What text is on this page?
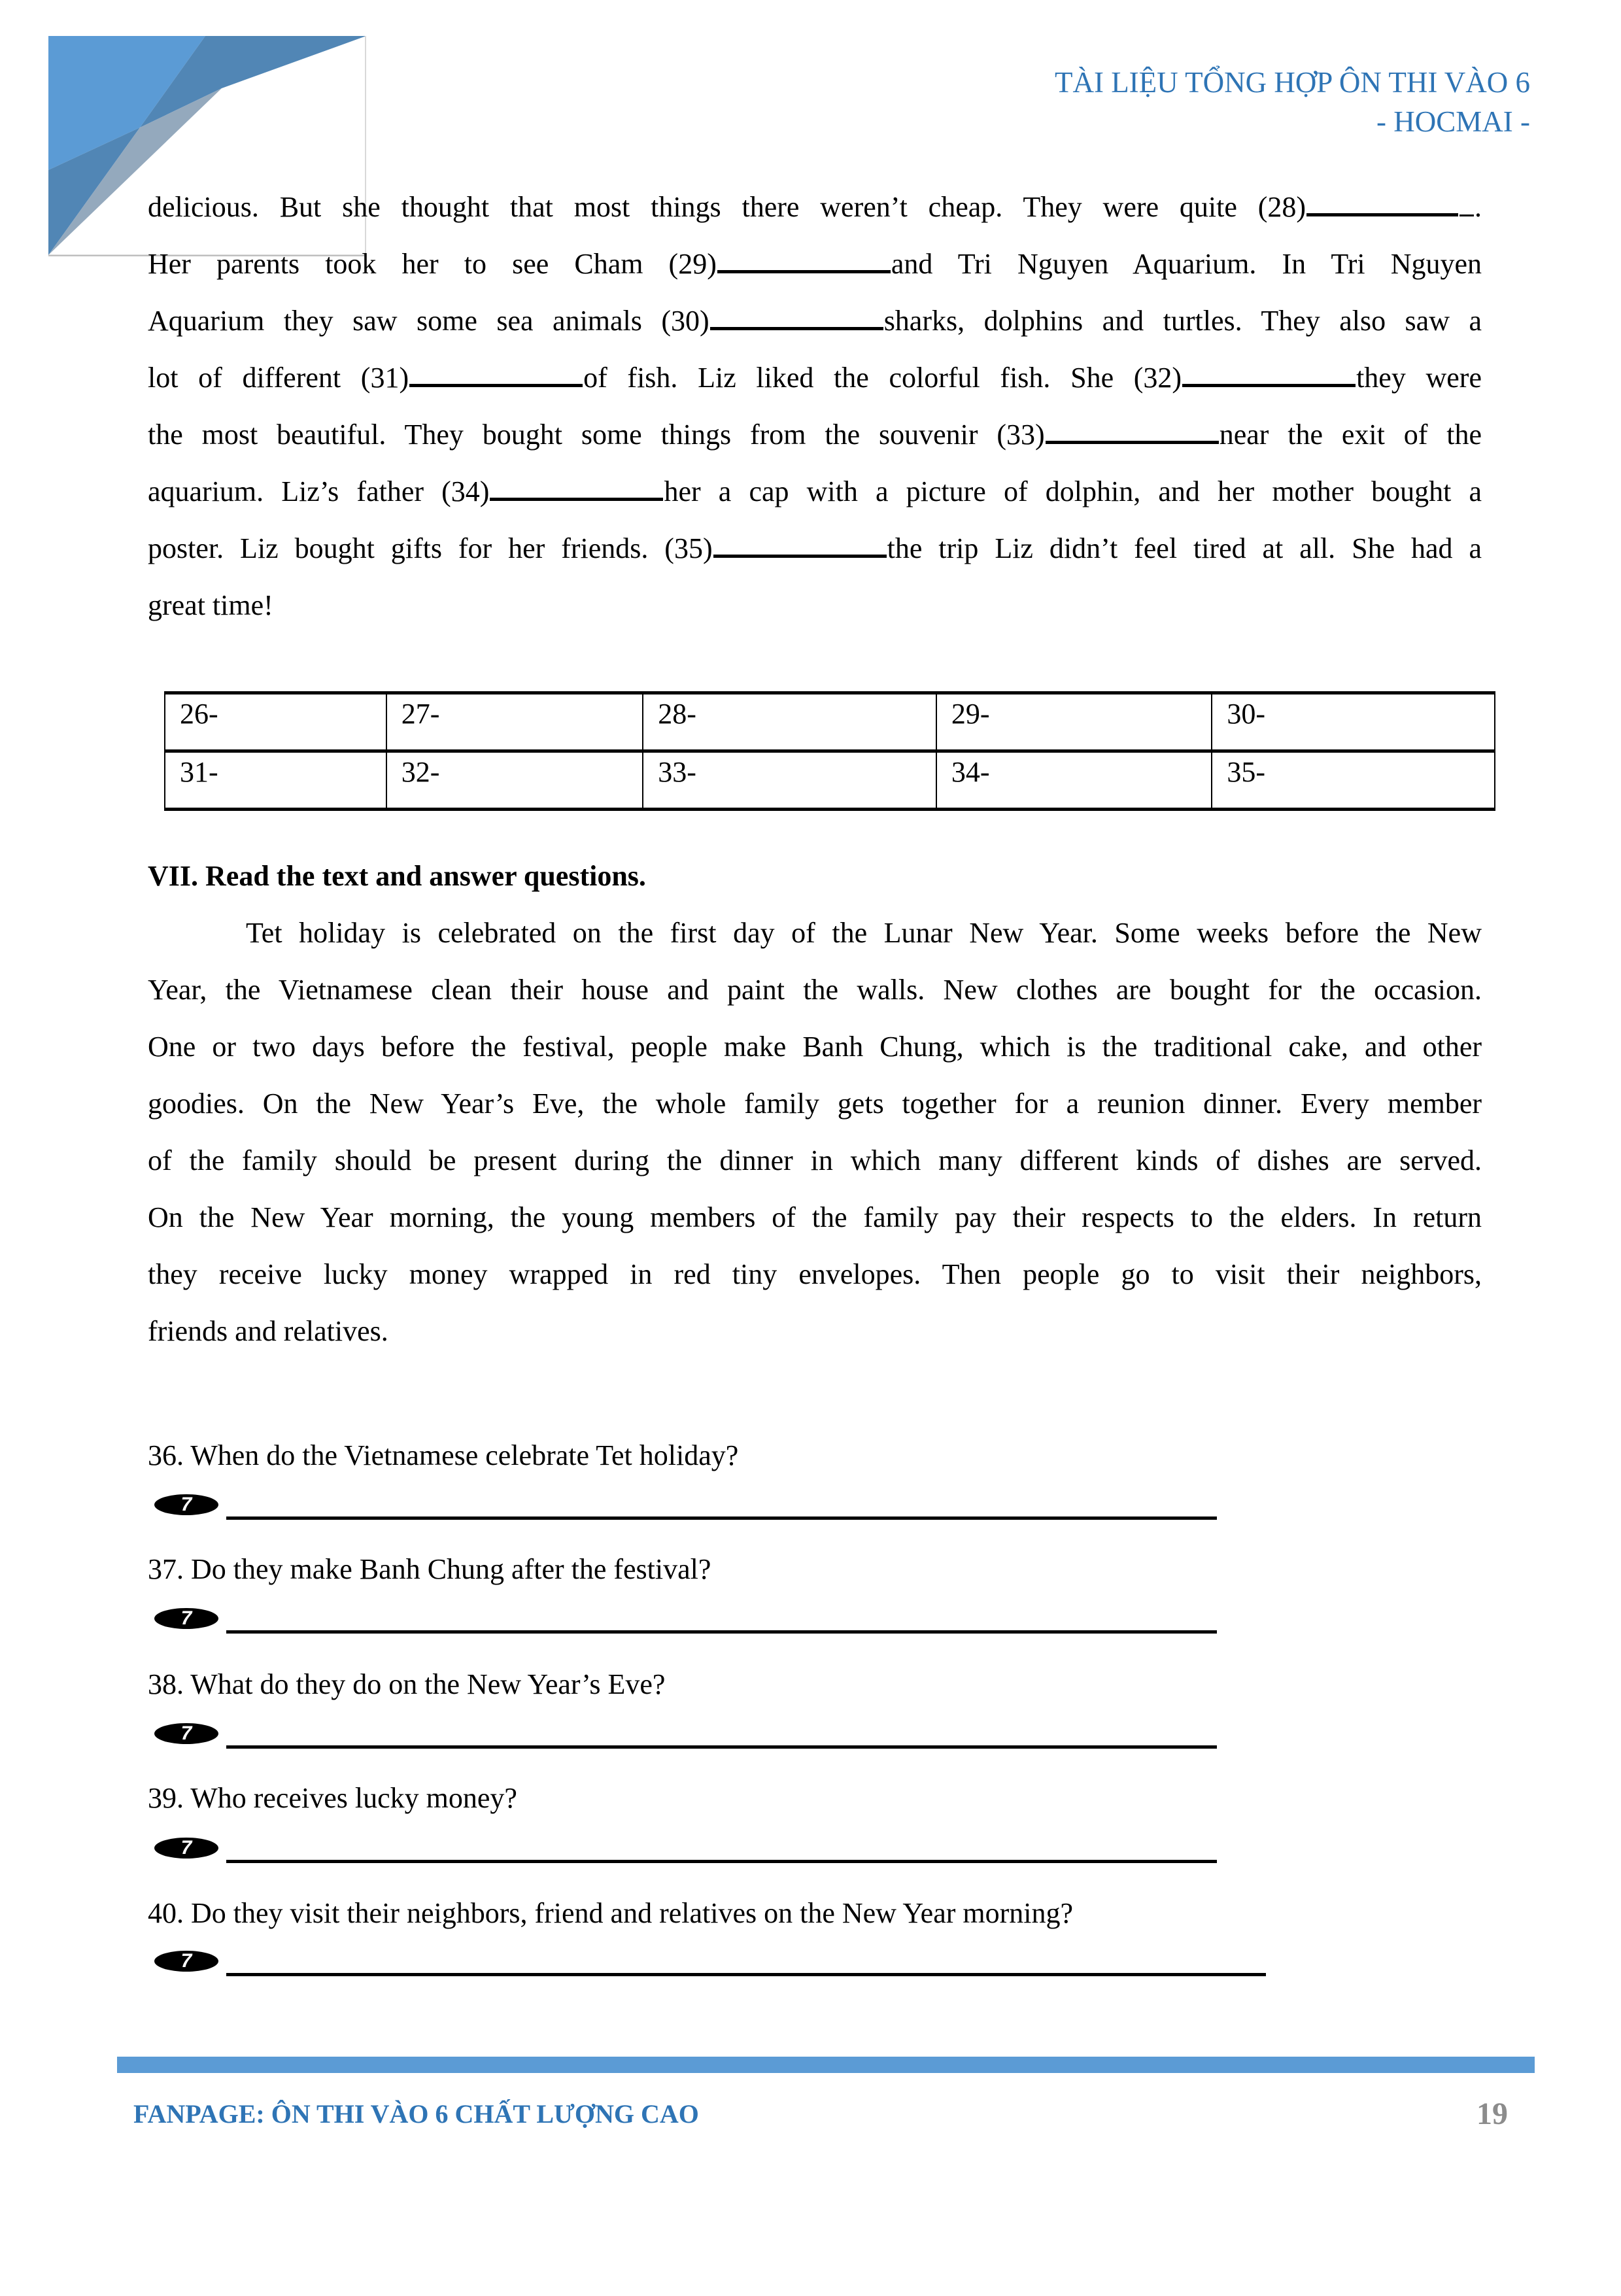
TÀI LIỆU TỔNG HỢP ÔN THI VÀO 6
- HOCMAI -
delicious. But she thought that most things there weren’t cheap. They were quite (28)	.
Her parents took her to see Cham (29)	and Tri Nguyen Aquarium. In Tri Nguyen
Aquarium they saw some sea animals (30)	sharks, dolphins and turtles. They also saw a
lot of different (31)	of fish. Liz liked the colorful fish. She (32)	they were
the most beautiful. They bought some things from the souvenir (33)	near the exit of the
aquarium. Liz’s father (34)	her a cap with a picture of dolphin, and her mother bought a
poster. Liz bought gifts for her friends. (35)	the trip Liz didn’t feel tired at all. She had a
great time!
26-	27-	28-	29-	30-
31-	32-	33-	34-	35-
VII. Read the text and answer questions.
Tet holiday is celebrated on the first day of the Lunar New Year. Some weeks before the New
Year, the Vietnamese clean their house and paint the walls. New clothes are bought for the occasion.
One or two days before the festival, people make Banh Chung, which is the traditional cake, and other
goodies. On the New Year’s Eve, the whole family gets together for a reunion dinner. Every member
of the family should be present during the dinner in which many different kinds of dishes are served.
On the New Year morning, the young members of the family pay their respects to the elders. In return
they receive lucky money wrapped in red tiny envelopes. Then people go to visit their neighbors,
friends and relatives.
36. When do the Vietnamese celebrate Tet holiday?
7
37. Do they make Banh Chung after the festival?
7
38. What do they do on the New Year’s Eve?
7
39. Who receives lucky money?
7
40. Do they visit their neighbors, friend and relatives on the New Year morning?
7
FANPAGE: ÔN THI VÀO 6 CHẤT LƯỢNG CAO	19
